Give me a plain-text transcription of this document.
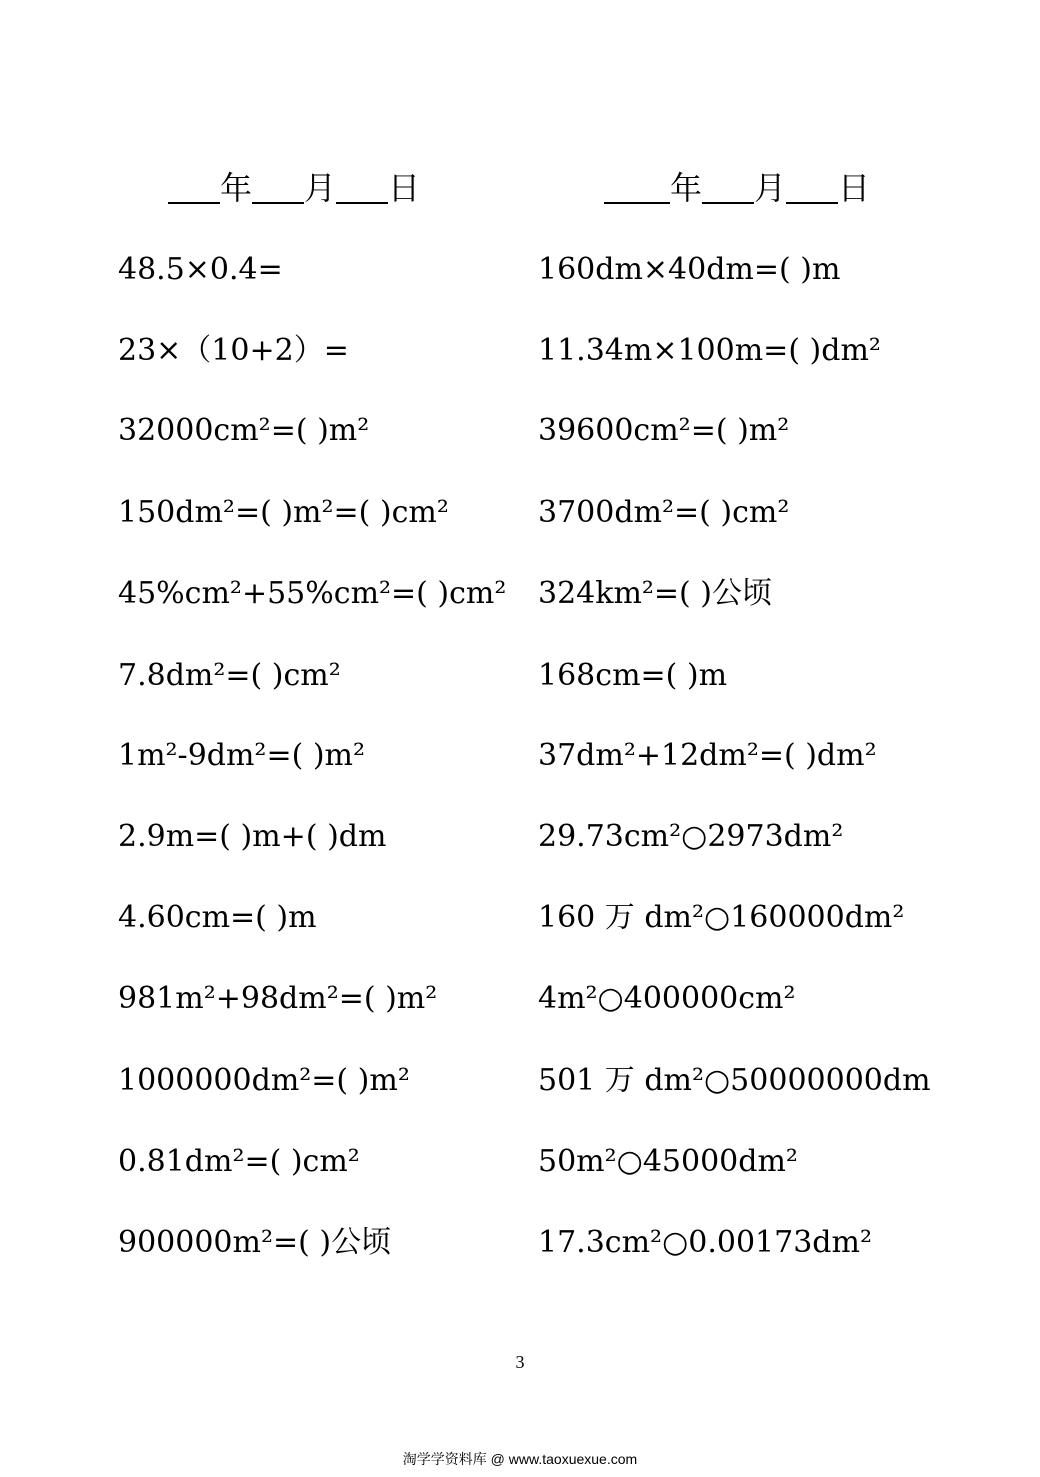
年 月 日	年 月 日
48.5×0.4=
23×（10+2）=
32000cm²=( )m²
150dm²=( )m²=( )cm²
45%cm²+55%cm²=( )cm²
7.8dm²=( )cm²
1m²-9dm²=( )m²
2.9m=( )m+( )dm
4.60cm=( )m
981m²+98dm²=( )m²
1000000dm²=( )m²
0.81dm²=( )cm²
900000m²=( )公顷
160dm×40dm=( )m
11.34m×100m=( )dm²
39600cm²=( )m²
3700dm²=( )cm²
324km²=( )公顷
168cm=( )m
37dm²+12dm²=( )dm²
29.73cm²○2973dm²
160 万 dm²○160000dm²
4m²○400000cm²
501 万 dm²○50000000dm
50m²○45000dm²
17.3cm²○0.00173dm²
3
淘学学资料库 @ www.taoxuexue.com
